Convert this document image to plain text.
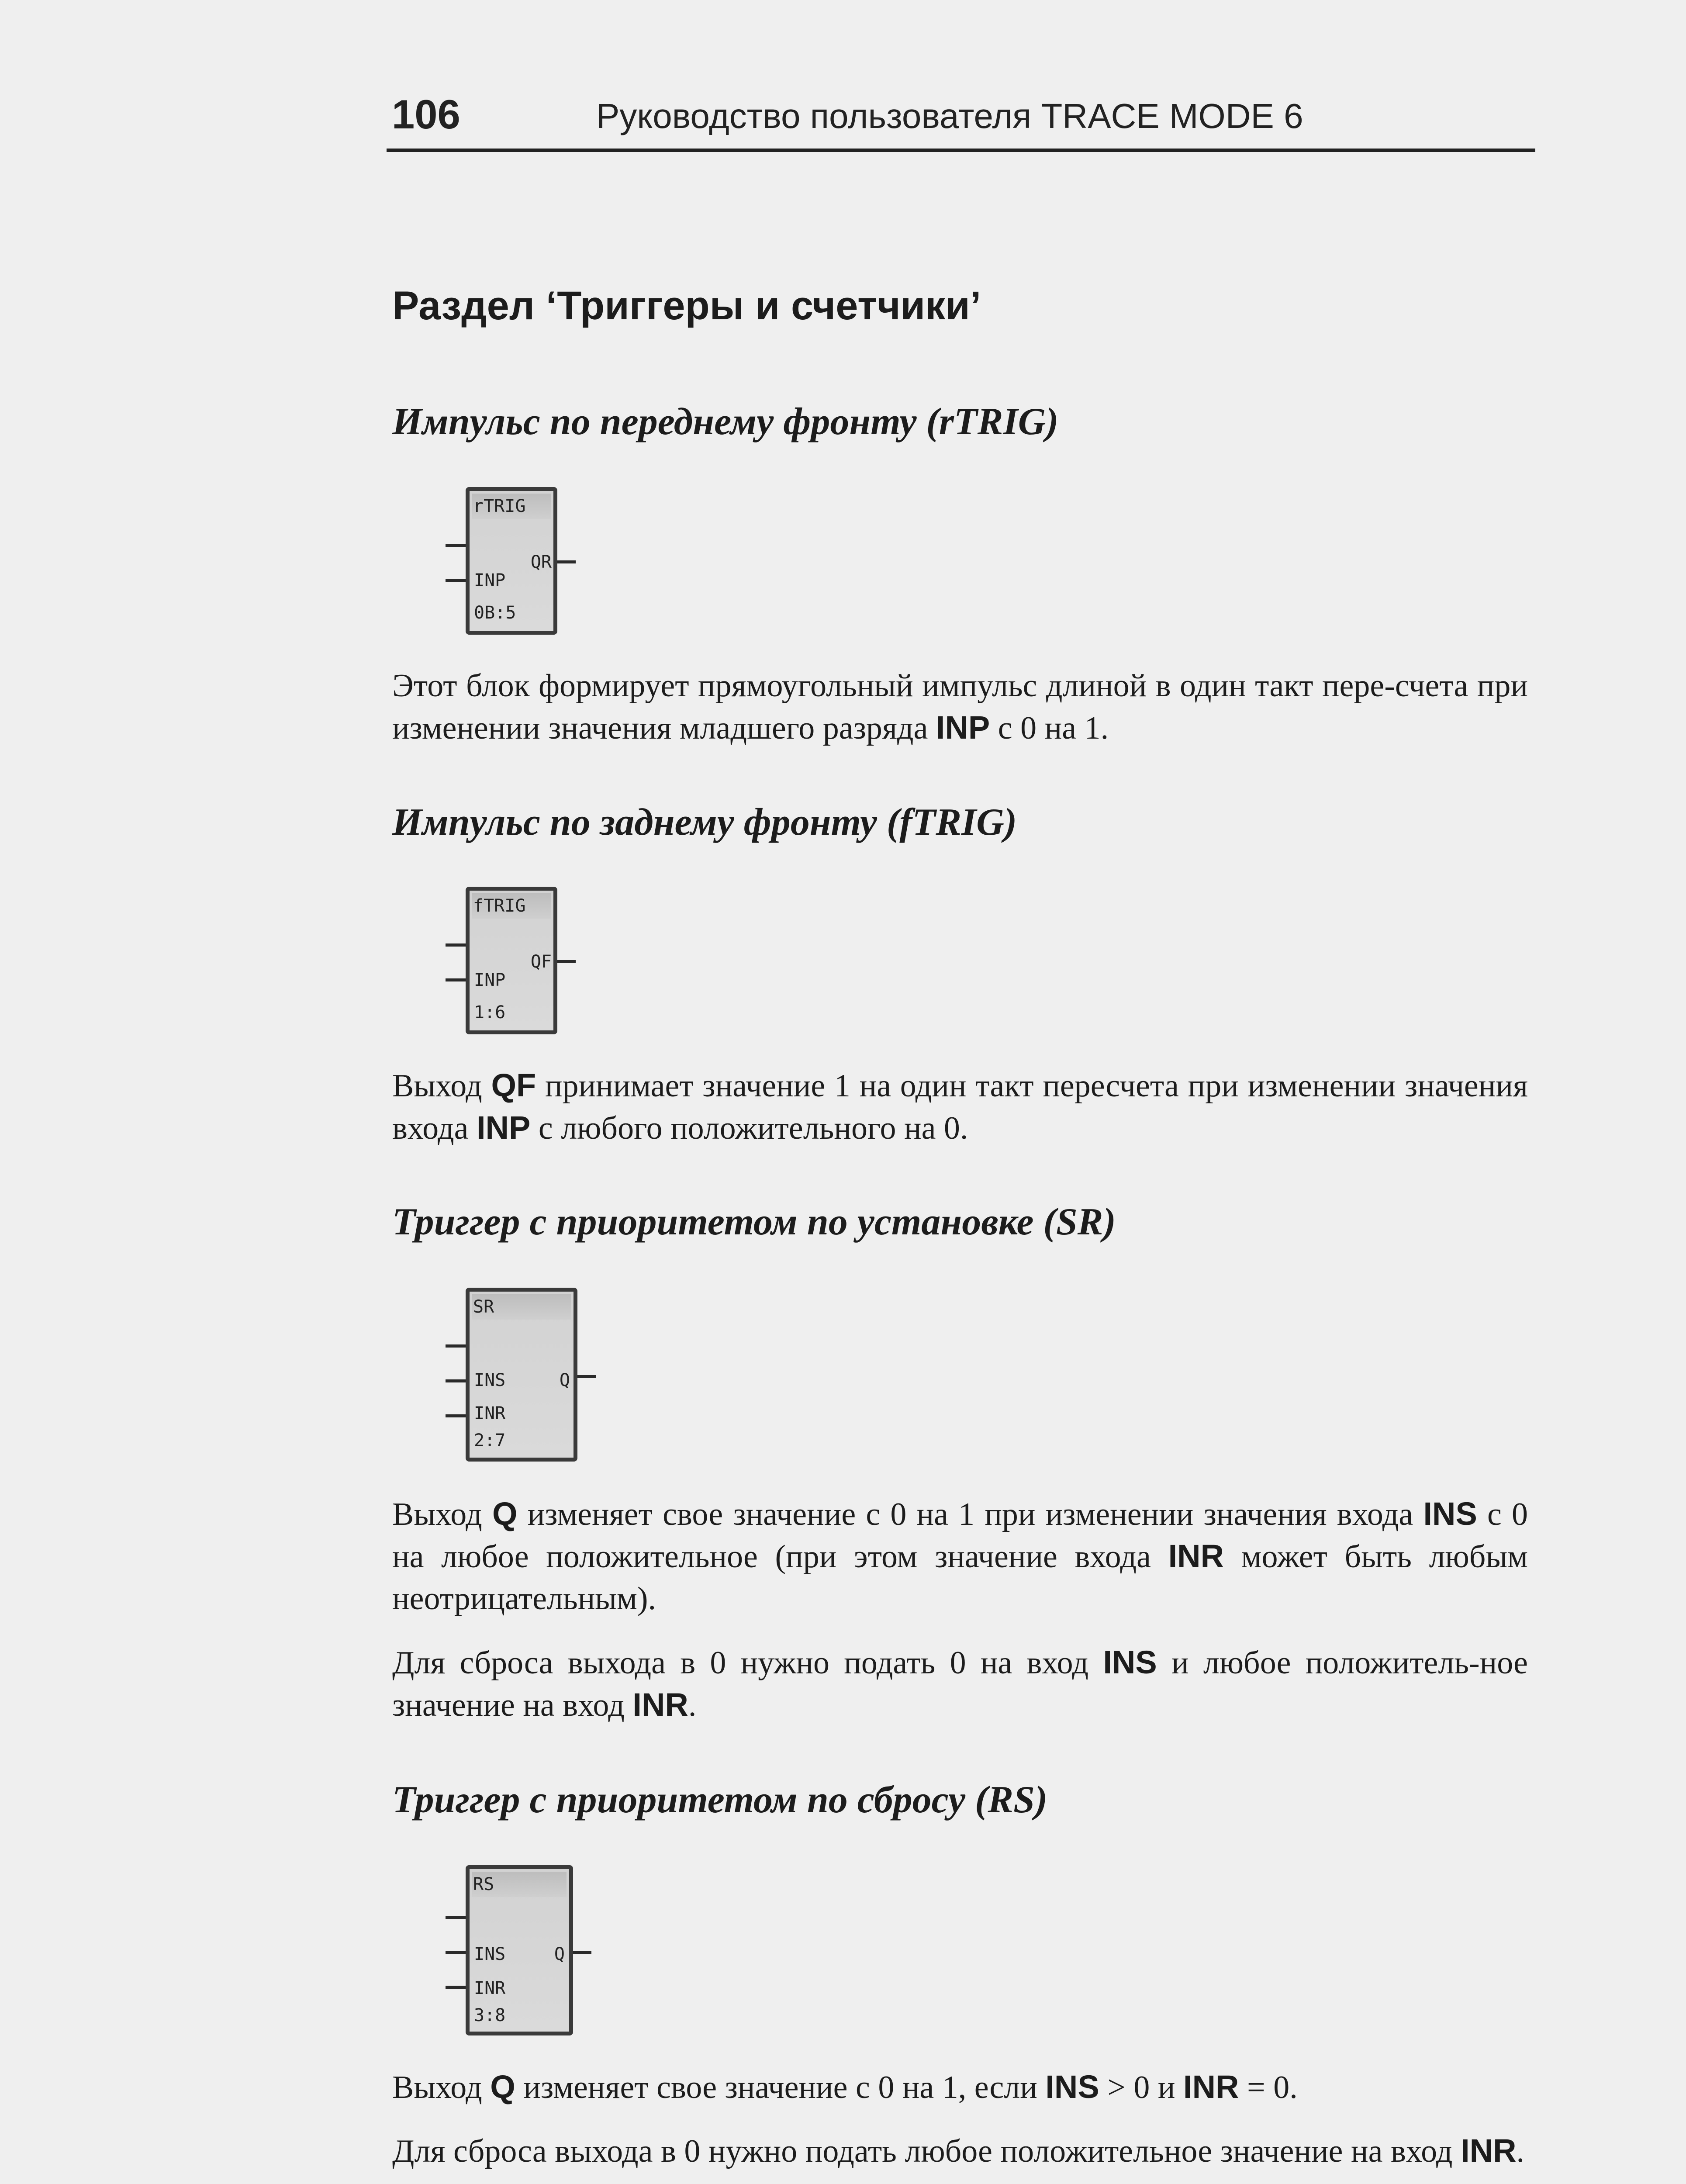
106	Руководство пользователя TRACE MODE 6
Раздел ‘Триггеры и счетчики’
Импульс по переднему фронту (rTRIG)
rTRIG
INP
QR
0B:5
Этот блок формирует прямоугольный импульс длиной в один такт пере-счета при изменении значения младшего разряда INP с 0 на 1.
Импульс по заднему фронту (fTRIG)
fTRIG
INP
QF
1:6
Выход QF принимает значение 1 на один такт пересчета при изменении значения входа INP с любого положительного на 0.
Триггер с приоритетом по установке (SR)
SR
INS
INR
Q
2:7
Выход Q изменяет свое значение с 0 на 1 при изменении значения входа INS с 0 на любое положительное (при этом значение входа INR может быть любым неотрицательным).
Для сброса выхода в 0 нужно подать 0 на вход INS и любое положитель-ное значение на вход INR.
Триггер с приоритетом по сбросу (RS)
RS
INS
INR
Q
3:8
Выход Q изменяет свое значение с 0 на 1, если INS > 0 и INR = 0.
Для сброса выхода в 0 нужно подать любое положительное значение на вход INR.
